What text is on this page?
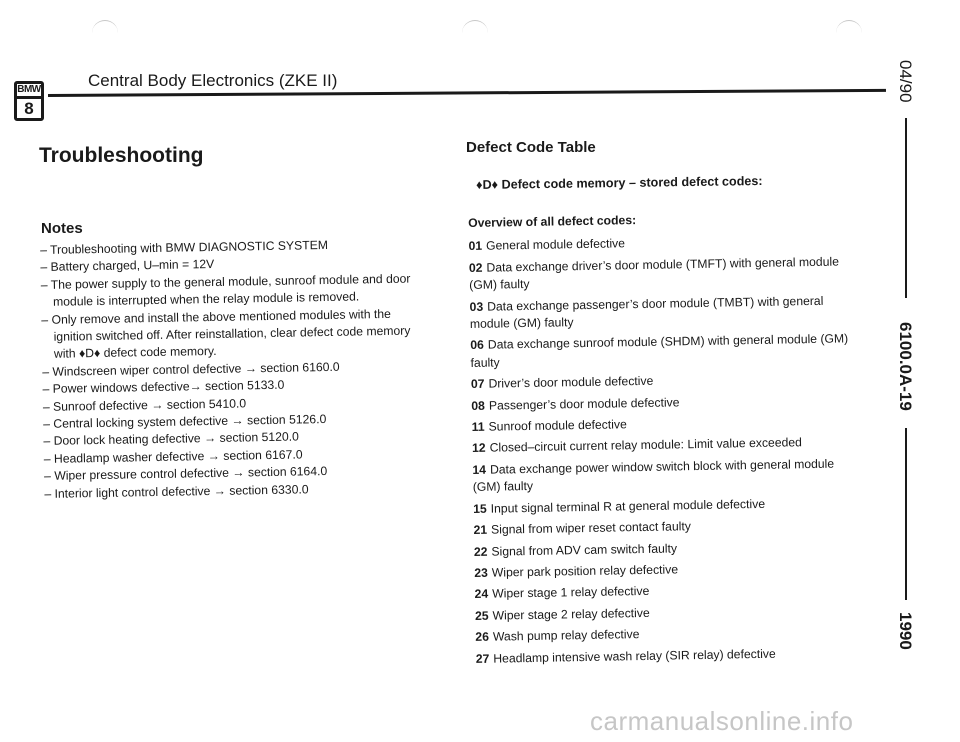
BMW
8
Central Body Electronics (ZKE II)	04/90
6100.0A-19
1990
Troubleshooting
Notes
– Troubleshooting with BMW DIAGNOSTIC SYSTEM
– Battery charged, U–min = 12V
– The power supply to the general module, sunroof module and door module is interrupted when the relay module is removed.
– Only remove and install the above mentioned modules with the ignition switched off. After reinstallation, clear defect code memory with ♦D♦ defect code memory.
– Windscreen wiper control defective → section 6160.0
– Power windows defective→ section 5133.0
– Sunroof defective → section 5410.0
– Central locking system defective → section 5126.0
– Door lock heating defective → section 5120.0
– Headlamp washer defective → section 6167.0
– Wiper pressure control defective → section 6164.0
– Interior light control defective → section 6330.0
Defect Code Table
♦D♦ Defect code memory – stored defect codes:
Overview of all defect codes:
01 General module defective
02 Data exchange driver’s door module (TMFT) with general module (GM) faulty
03 Data exchange passenger’s door module (TMBT) with general module (GM) faulty
06 Data exchange sunroof module (SHDM) with general module (GM) faulty
07 Driver’s door module defective
08 Passenger’s door module defective
11 Sunroof module defective
12 Closed–circuit current relay module: Limit value exceeded
14 Data exchange power window switch block with general module (GM) faulty
15 Input signal terminal R at general module defective
21 Signal from wiper reset contact faulty
22 Signal from ADV cam switch faulty
23 Wiper park position relay defective
24 Wiper stage 1 relay defective
25 Wiper stage 2 relay defective
26 Wash pump relay defective
27 Headlamp intensive wash relay (SIR relay) defective
carmanualsonline.info
